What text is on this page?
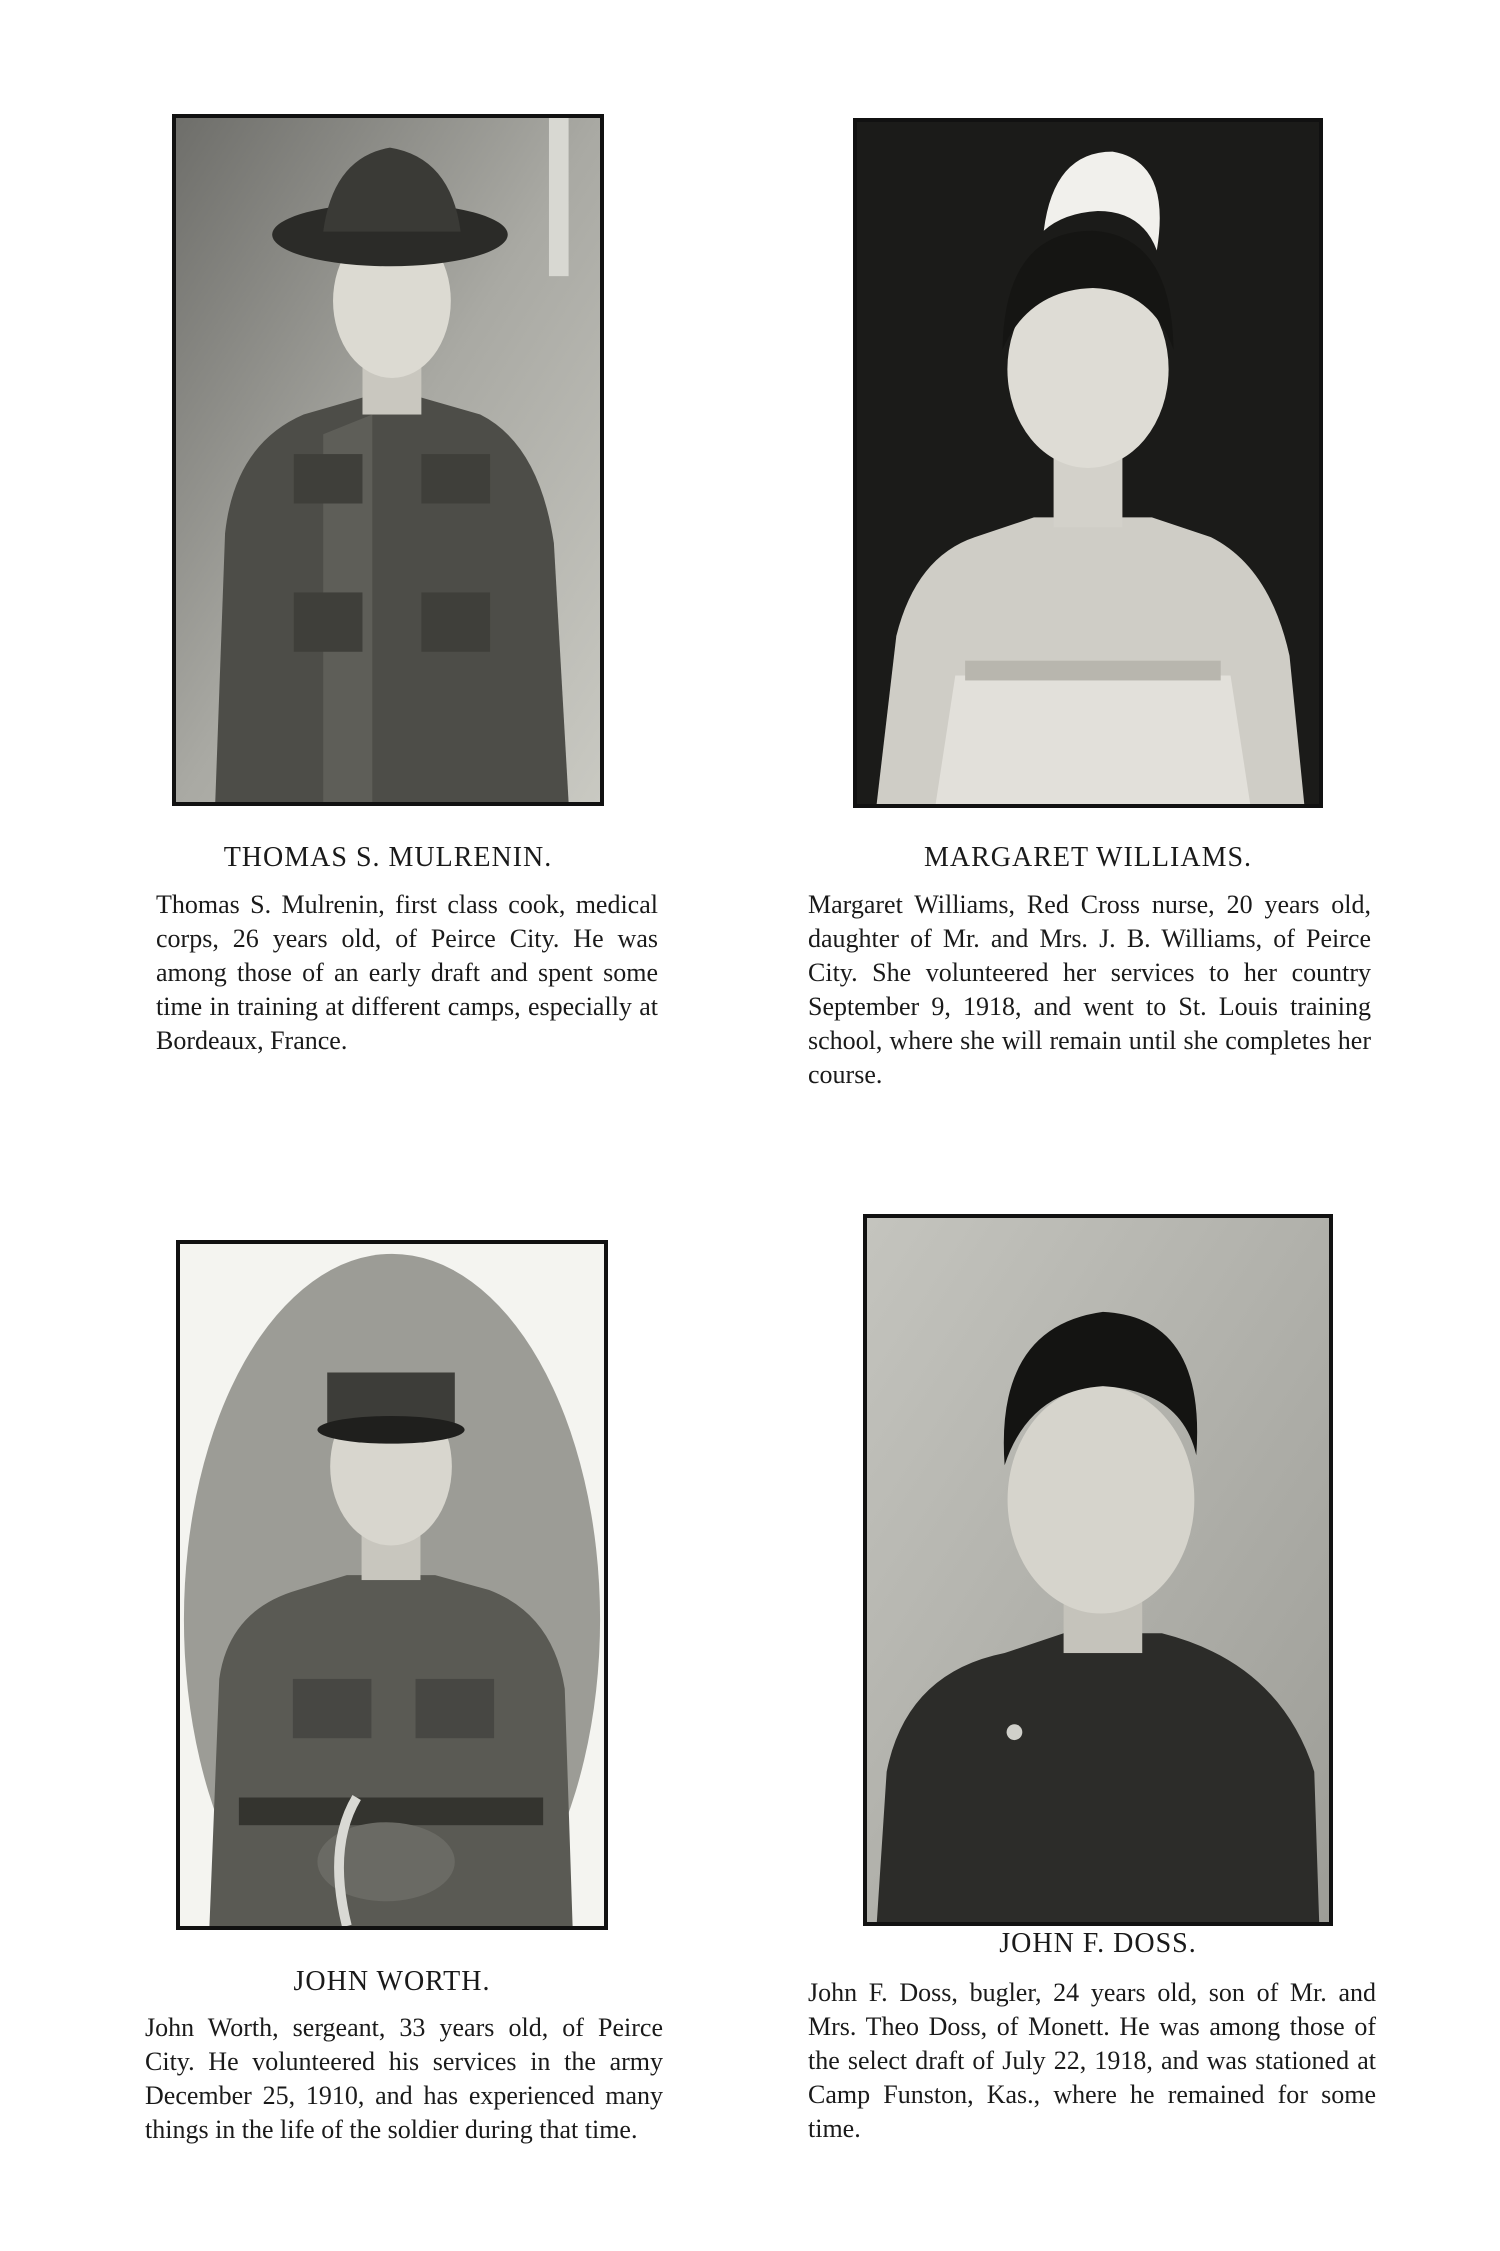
THOMAS S. MULRENIN.
Thomas S. Mulrenin, first class cook, medical corps, 26 years old, of Peirce City. He was among those of an early draft and spent some time in training at different camps, especially at Bordeaux, France.
MARGARET WILLIAMS.
Margaret Williams, Red Cross nurse, 20 years old, daughter of Mr. and Mrs. J. B. Williams, of Peirce City. She volunteered her services to her country September 9, 1918, and went to St. Louis training school, where she will remain until she completes her course.
JOHN WORTH.
John Worth, sergeant, 33 years old, of Peirce City. He volunteered his services in the army December 25, 1910, and has experienced many things in the life of the soldier during that time.
JOHN F. DOSS.
John F. Doss, bugler, 24 years old, son of Mr. and Mrs. Theo Doss, of Monett. He was among those of the select draft of July 22, 1918, and was stationed at Camp Funston, Kas., where he remained for some time.
